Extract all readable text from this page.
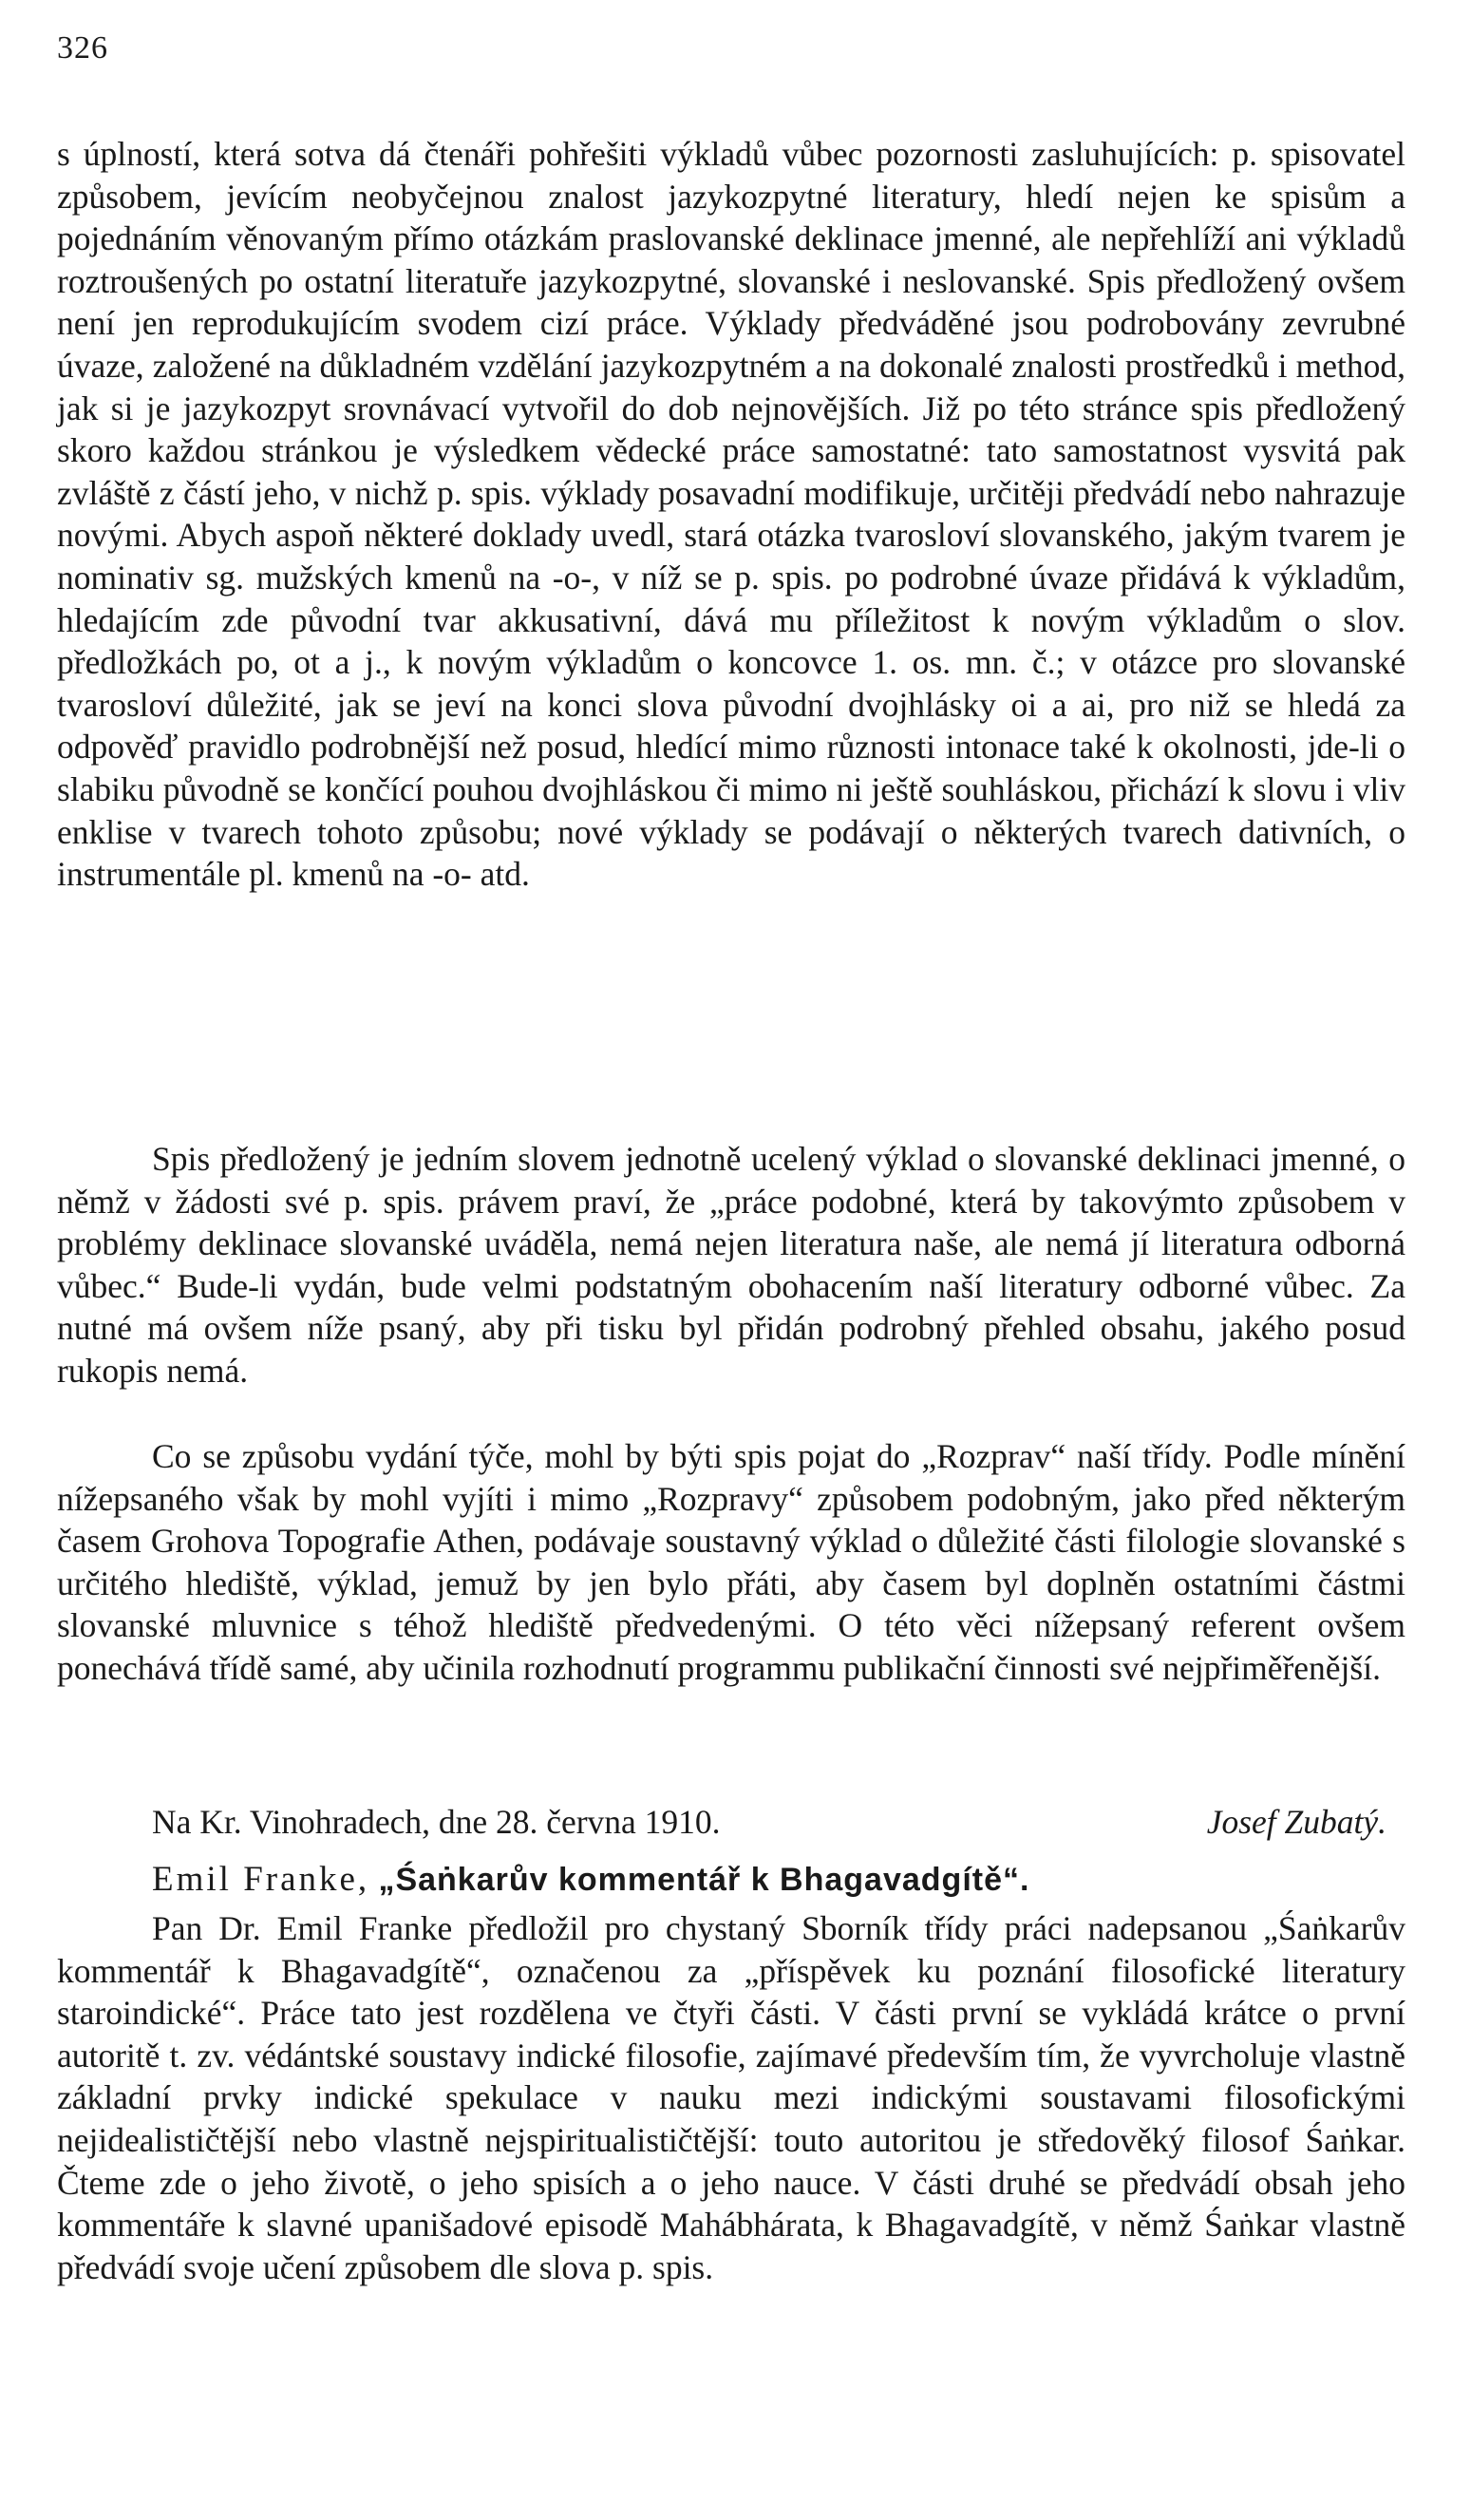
326

s úplností, která sotva dá čtenáři pohřešiti výkladů vůbec pozornosti zasluhujících: p. spisovatel způsobem, jevícím neobyčejnou znalost jazykozpytné literatury, hledí nejen ke spisům a pojednáním věnovaným přímo otázkám praslovanské deklinace jmenné, ale nepřehlíží ani výkladů roztroušených po ostatní literatuře jazykozpytné, slovanské i neslovanské. Spis předložený ovšem není jen reprodukujícím svodem cizí práce. Výklady předváděné jsou podrobovány zevrubné úvaze, založené na důkladném vzdělání jazykozpytném a na dokonalé znalosti prostředků i method, jak si je jazykozpyt srovnávací vytvořil do dob nejnovějších. Již po této stránce spis předložený skoro každou stránkou je výsledkem vědecké práce samostatné: tato samostatnost vysvitá pak zvláště z částí jeho, v nichž p. spis. výklady posavadní modifikuje, určitěji předvádí nebo nahrazuje novými. Abych aspoň některé doklady uvedl, stará otázka tvarosloví slovanského, jakým tvarem je nominativ sg. mužských kmenů na -o-, v níž se p. spis. po podrobné úvaze přidává k výkladům, hledajícím zde původní tvar akkusativní, dává mu příležitost k novým výkladům o slov. předložkách po, ot a j., k novým výkladům o koncovce 1. os. mn. č.; v otázce pro slovanské tvarosloví důležité, jak se jeví na konci slova původní dvojhlásky oi a ai, pro niž se hledá za odpověď pravidlo podrobnější než posud, hledící mimo různosti intonace také k okolnosti, jde-li o slabiku původně se končící pouhou dvojhláskou či mimo ni ještě souhláskou, přichází k slovu i vliv enklise v tvarech tohoto způsobu; nové výklady se podávají o některých tvarech dativních, o instrumentále pl. kmenů na -o- atd.

Spis předložený je jedním slovem jednotně ucelený výklad o slovanské deklinaci jmenné, o němž v žádosti své p. spis. právem praví, že „práce podobné, která by takovýmto způsobem v problémy deklinace slovanské uváděla, nemá nejen literatura naše, ale nemá jí literatura odborná vůbec.“ Bude-li vydán, bude velmi podstatným obohacením naší literatury odborné vůbec. Za nutné má ovšem níže psaný, aby při tisku byl přidán podrobný přehled obsahu, jakého posud rukopis nemá.

Co se způsobu vydání týče, mohl by býti spis pojat do „Rozprav“ naší třídy. Podle mínění nížepsaného však by mohl vyjíti i mimo „Rozpravy“ způsobem podobným, jako před některým časem Grohova Topografie Athen, podávaje soustavný výklad o důležité části filologie slovanské s určitého hlediště, výklad, jemuž by jen bylo přáti, aby časem byl doplněn ostatními částmi slovanské mluvnice s téhož hlediště předvedenými. O této věci nížepsaný referent ovšem ponechává třídě samé, aby učinila rozhodnutí programmu publikační činnosti své nejpřiměřenější.

Na Kr. Vinohradech, dne 28. června 1910.	Josef Zubatý.
Emil Franke, „Śaṅkarův kommentář k Bhagavadgítě“.

Pan Dr. Emil Franke předložil pro chystaný Sborník třídy práci nadepsanou „Śaṅkarův kommentář k Bhagavadgítě“, označenou za „příspěvek ku poznání filosofické literatury staroindické“. Práce tato jest rozdělena ve čtyři části. V části první se vykládá krátce o první autoritě t. zv. védántské soustavy indické filosofie, zajímavé především tím, že vyvrcholuje vlastně základní prvky indické spekulace v nauku mezi indickými soustavami filosofickými nejidealističtější nebo vlastně nejspiritualističtější: touto autoritou je středověký filosof Śaṅkar. Čteme zde o jeho životě, o jeho spisích a o jeho nauce. V části druhé se předvádí obsah jeho kommentáře k slavné upanišadové episodě Mahábhárata, k Bhagavadgítě, v němž Śaṅkar vlastně předvádí svoje učení způsobem dle slova p. spis.
